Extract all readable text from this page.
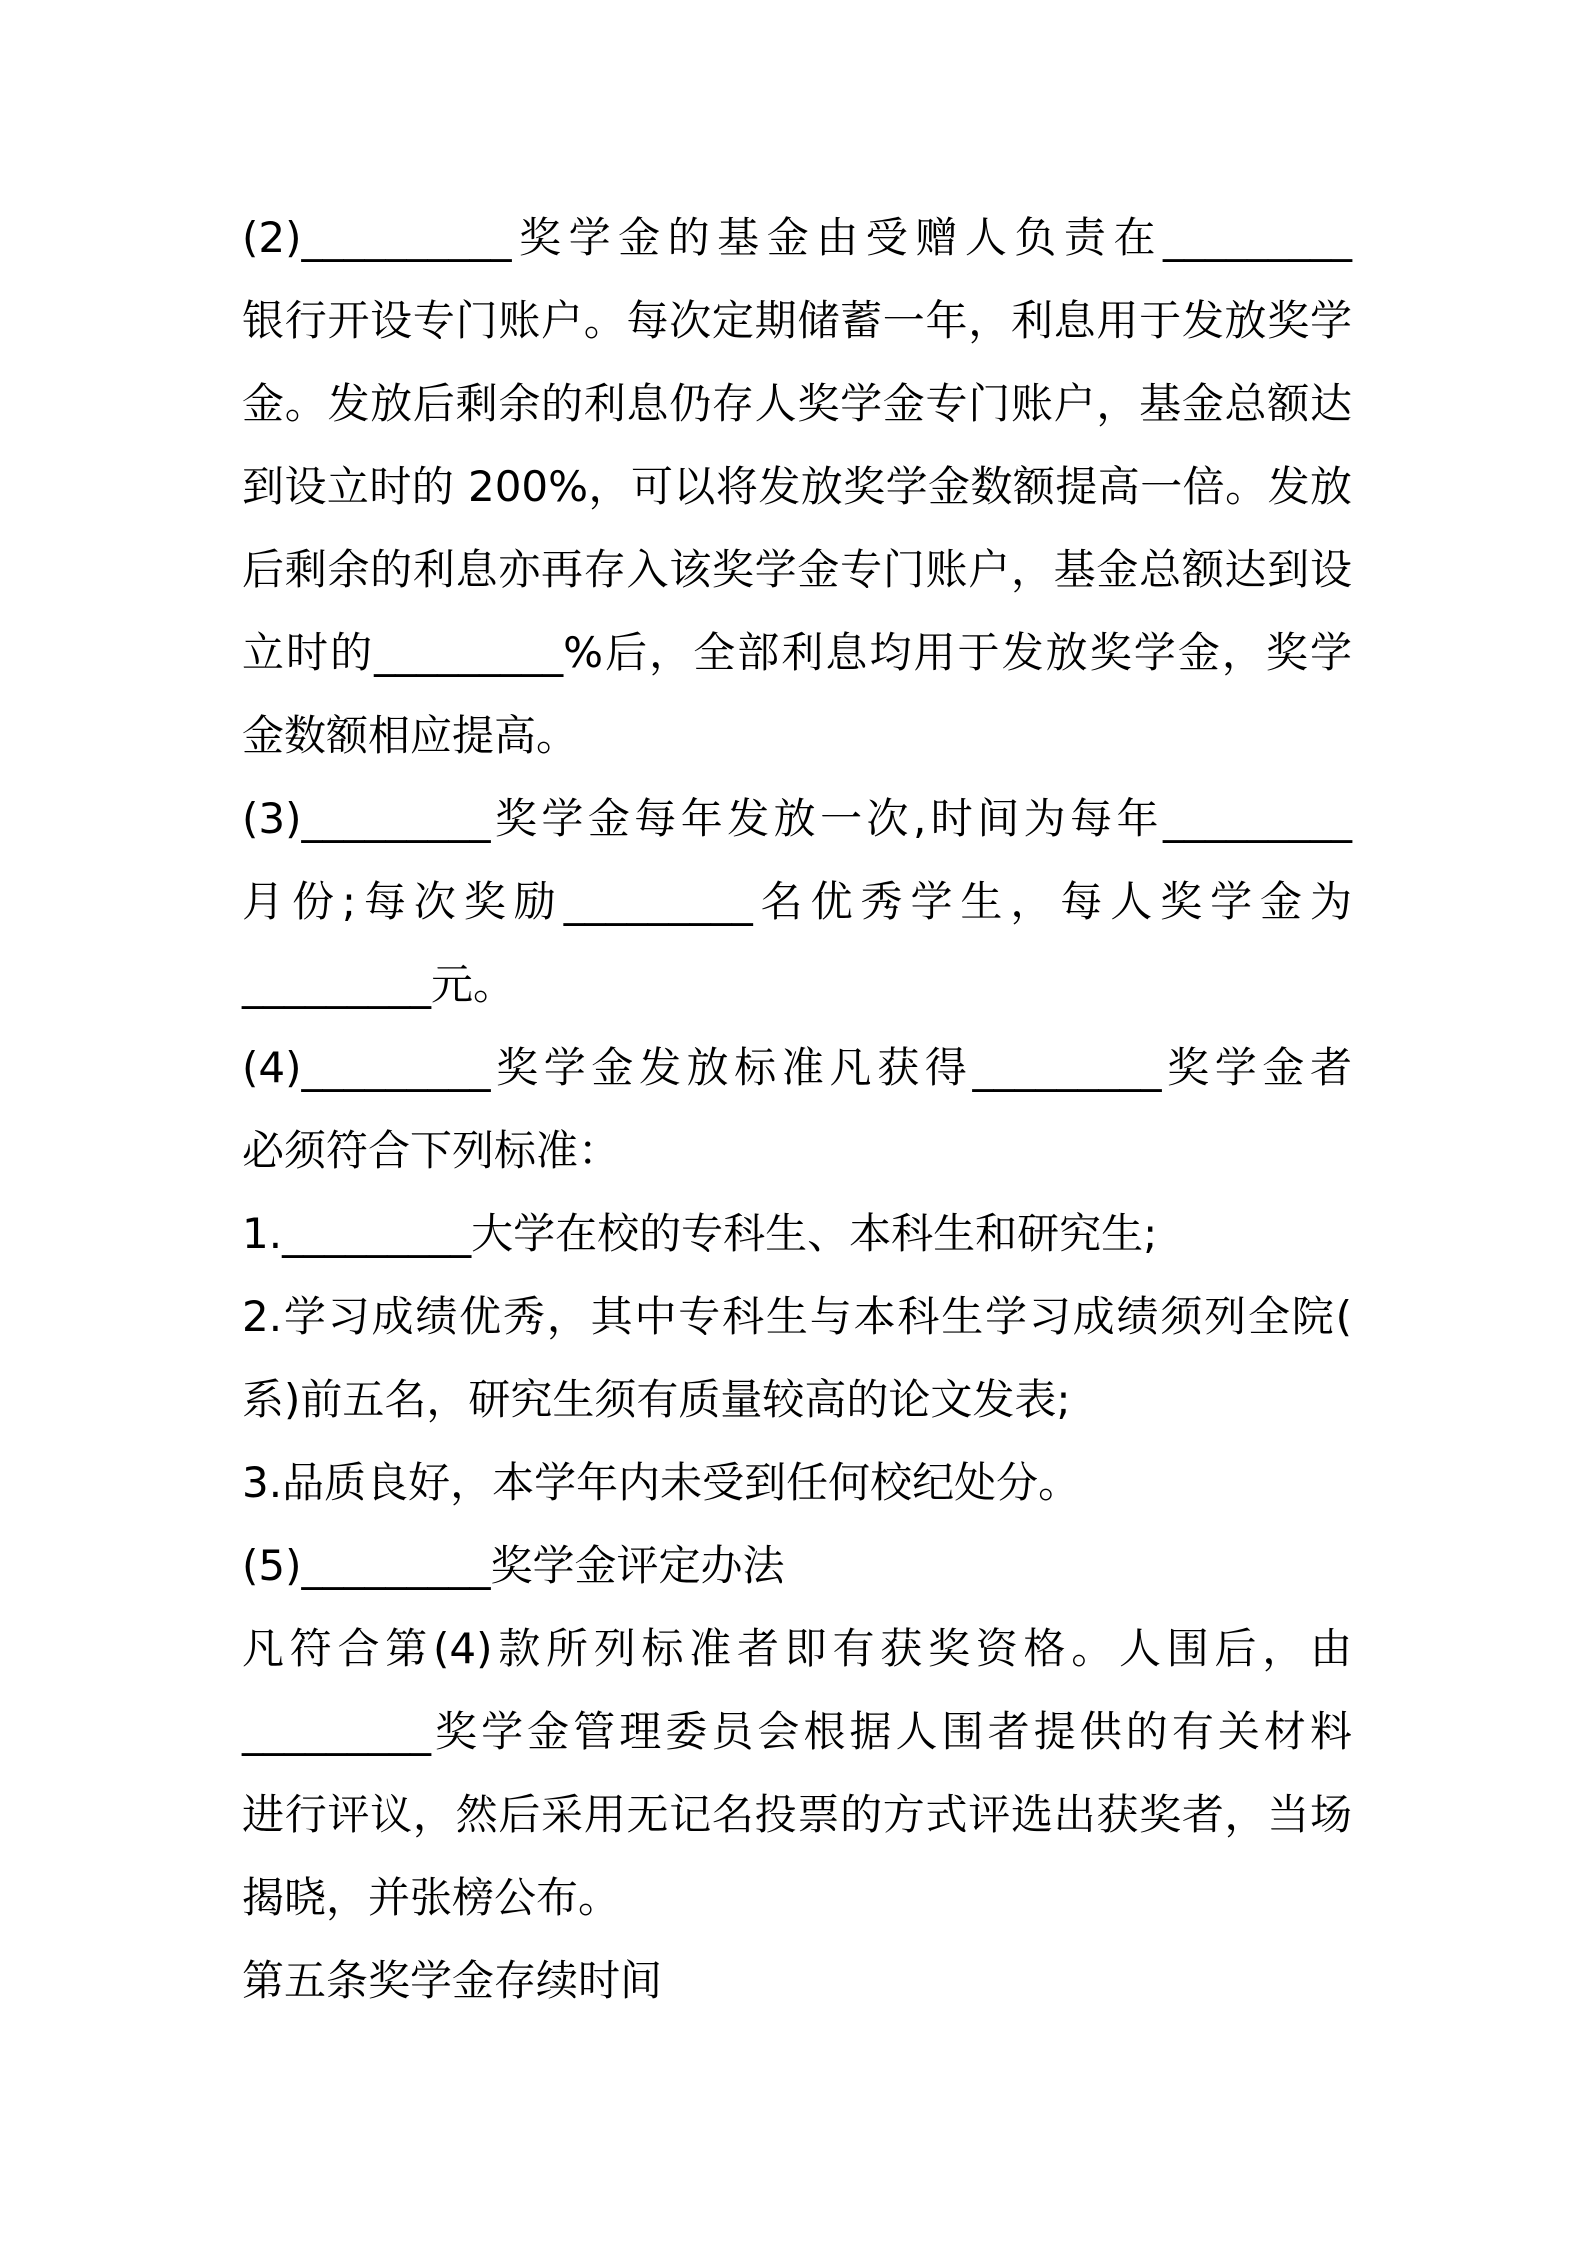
(2)__________奖学金的基金由受赠人负责在_________

银行开设专门账户。每次定期储蓄一年，利息用于发放奖学

金。发放后剩余的利息仍存人奖学金专门账户，基金总额达

到设立时的 200%，可以将发放奖学金数额提高一倍。发放

后剩余的利息亦再存入该奖学金专门账户，基金总额达到设

立时的_________%后，全部利息均用于发放奖学金，奖学

金数额相应提高。

(3)_________奖学金每年发放一次,时间为每年_________

月份;每次奖励_________名优秀学生，每人奖学金为

_________元。

(4)_________奖学金发放标准凡获得_________奖学金者

必须符合下列标准：

1._________大学在校的专科生、本科生和研究生;

2.学习成绩优秀，其中专科生与本科生学习成绩须列全院(

系)前五名，研究生须有质量较高的论文发表;

3.品质良好，本学年内未受到任何校纪处分。

(5)_________奖学金评定办法

凡符合第(4)款所列标准者即有获奖资格。人围后，由

_________奖学金管理委员会根据人围者提供的有关材料

进行评议，然后采用无记名投票的方式评选出获奖者，当场

揭晓，并张榜公布。

第五条奖学金存续时间
